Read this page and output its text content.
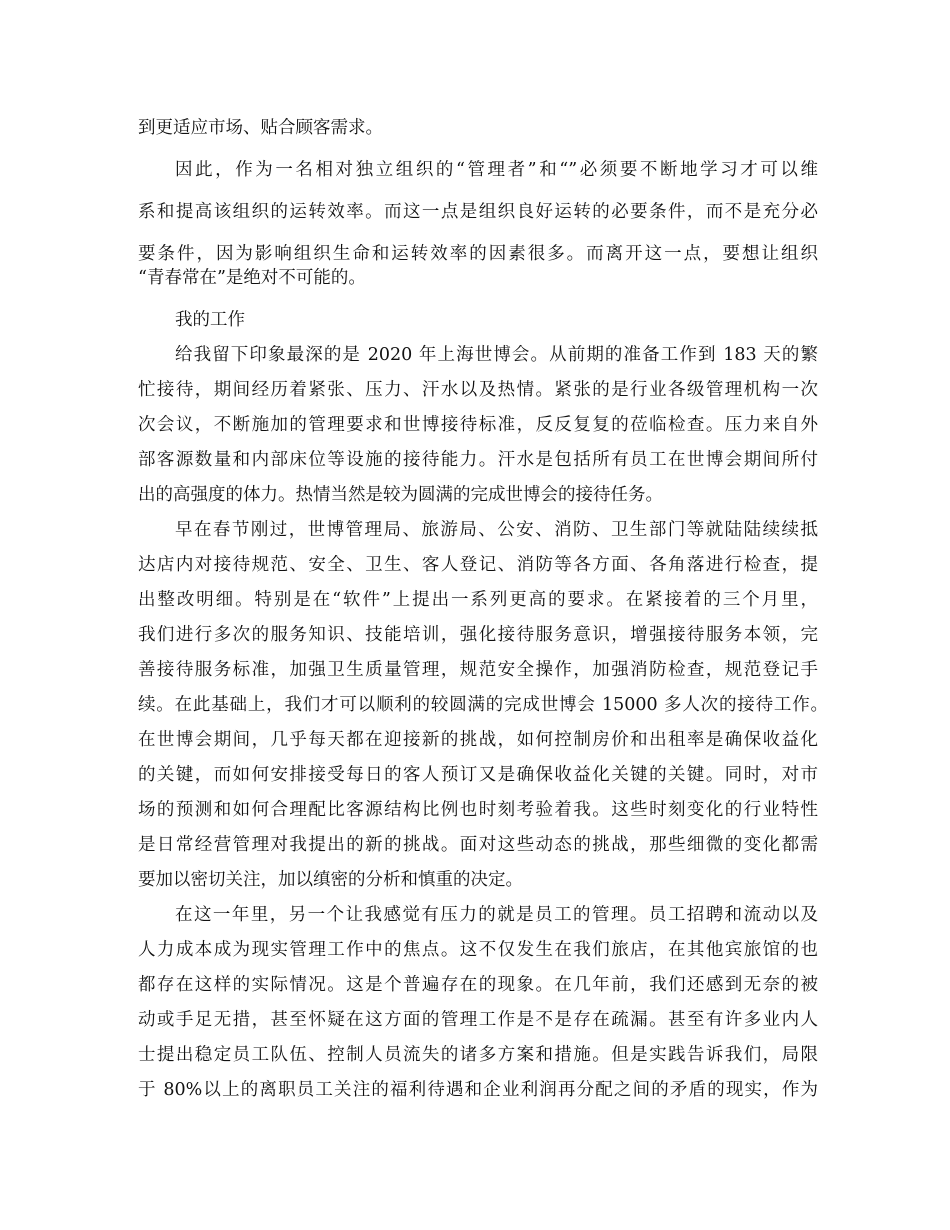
到更适应市场、贴合顾客需求。
因此，作为一名相对独立组织的“管理者”和“”必须要不断地学习才可以维
系和提高该组织的运转效率。而这一点是组织良好运转的必要条件，而不是充分必
要条件，因为影响组织生命和运转效率的因素很多。而离开这一点，要想让组织
“青春常在”是绝对不可能的。
我的工作
给我留下印象最深的是 2020 年上海世博会。从前期的准备工作到 183 天的繁
忙接待，期间经历着紧张、压力、汗水以及热情。紧张的是行业各级管理机构一次
次会议，不断施加的管理要求和世博接待标准，反反复复的莅临检查。压力来自外
部客源数量和内部床位等设施的接待能力。汗水是包括所有员工在世博会期间所付
出的高强度的体力。热情当然是较为圆满的完成世博会的接待任务。
早在春节刚过，世博管理局、旅游局、公安、消防、卫生部门等就陆陆续续抵
达店内对接待规范、安全、卫生、客人登记、消防等各方面、各角落进行检查，提
出整改明细。特别是在“软件”上提出一系列更高的要求。在紧接着的三个月里，
我们进行多次的服务知识、技能培训，强化接待服务意识，增强接待服务本领，完
善接待服务标准，加强卫生质量管理，规范安全操作，加强消防检查，规范登记手
续。在此基础上，我们才可以顺利的较圆满的完成世博会 15000 多人次的接待工作。
在世博会期间，几乎每天都在迎接新的挑战，如何控制房价和出租率是确保收益化
的关键，而如何安排接受每日的客人预订又是确保收益化关键的关键。同时，对市
场的预测和如何合理配比客源结构比例也时刻考验着我。这些时刻变化的行业特性
是日常经营管理对我提出的新的挑战。面对这些动态的挑战，那些细微的变化都需
要加以密切关注，加以缜密的分析和慎重的决定。
在这一年里，另一个让我感觉有压力的就是员工的管理。员工招聘和流动以及
人力成本成为现实管理工作中的焦点。这不仅发生在我们旅店，在其他宾旅馆的也
都存在这样的实际情况。这是个普遍存在的现象。在几年前，我们还感到无奈的被
动或手足无措，甚至怀疑在这方面的管理工作是不是存在疏漏。甚至有许多业内人
士提出稳定员工队伍、控制人员流失的诸多方案和措施。但是实践告诉我们，局限
于 80%以上的离职员工关注的福利待遇和企业利润再分配之间的矛盾的现实，作为
